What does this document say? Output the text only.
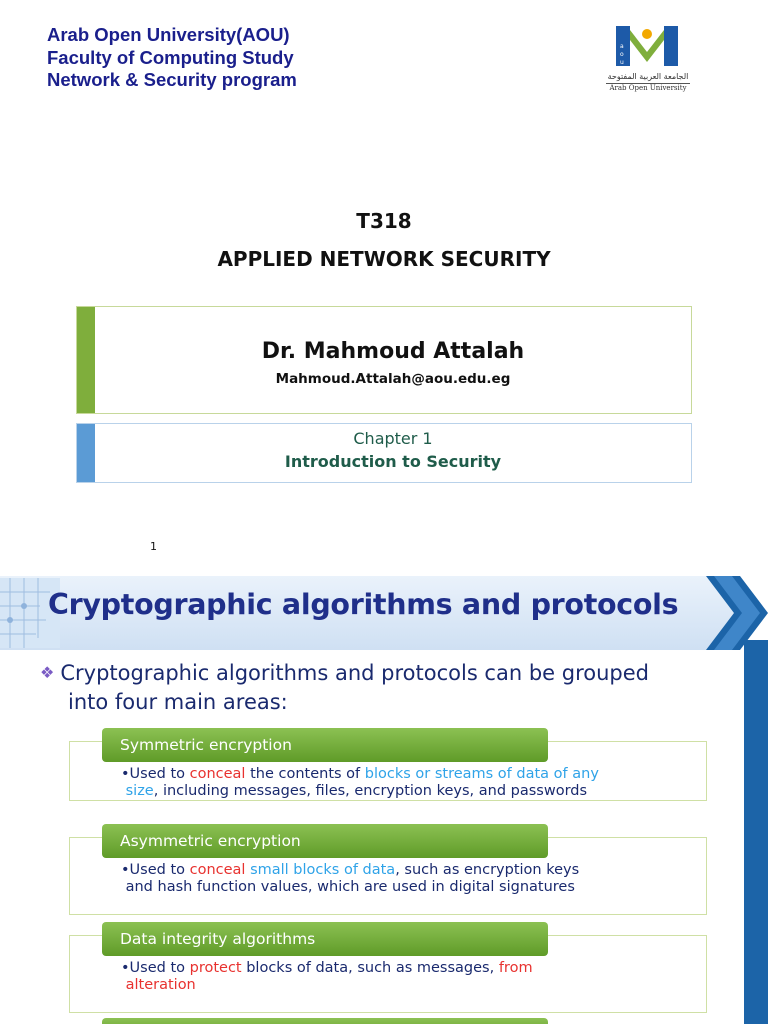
Arab Open University(AOU)
Faculty of Computing Study
Network & Security program
a
o
u
الجامعة العربية المفتوحة
Arab Open University
T318
APPLIED NETWORK SECURITY
Dr. Mahmoud Attalah
Mahmoud.Attalah@aou.edu.eg
Chapter 1
Introduction to Security
1
Cryptographic algorithms and protocols
❖ Cryptographic algorithms and protocols can be grouped
into four main areas:
Symmetric encryption
•Used to conceal the contents of blocks or streams of data of any
size, including messages, files, encryption keys, and passwords
Asymmetric encryption
•Used to conceal small blocks of data, such as encryption keys
and hash function values, which are used in digital signatures
Data integrity algorithms
•Used to protect blocks of data, such as messages, from
alteration
